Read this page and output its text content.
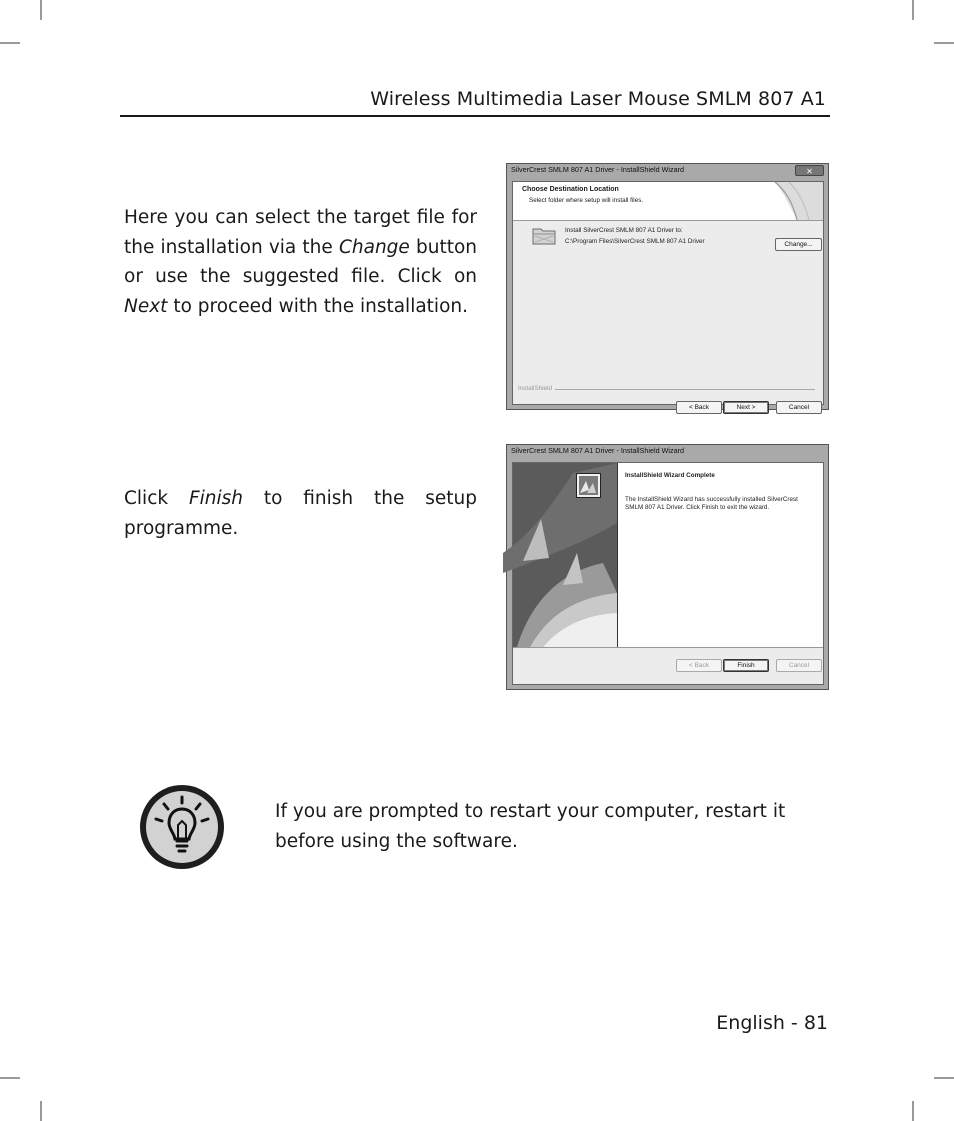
Wireless Multimedia Laser Mouse SMLM 807 A1
Here you can select the target file for the installation via the Change button or use the suggested file. Click on Next to proceed with the installation.
SilverCrest SMLM 807 A1 Driver - InstallShield Wizard	✕
Choose Destination Location
Select folder where setup will install files.
Install SilverCrest SMLM 807 A1 Driver to:
C:\Program Files\SilverCrest SMLM 807 A1 Driver	Change...
InstallShield
< Back	Next >	Cancel
Click Finish to finish the setup programme.
SilverCrest SMLM 807 A1 Driver - InstallShield Wizard
InstallShield Wizard Complete
The InstallShield Wizard has successfully installed SilverCrest
SMLM 807 A1 Driver. Click Finish to exit the wizard.
< Back	Finish	Cancel
If you are prompted to restart your computer, restart it before using the software.
English - 81
